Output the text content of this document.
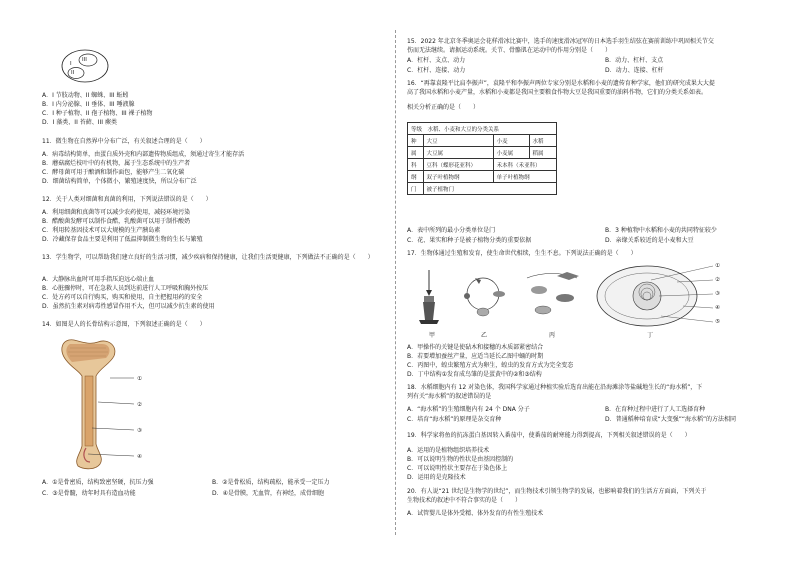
I
III
II
A．I 节肢动物、II 蜘蛛、III 蚯蚓
B．I 内分泌腺、II 垂体、III 唾液腺
C．I 种子植物、II 孢子植物、III 裸子植物
D．I 藻类、II 苔藓、III 蕨类
11．微生物在自然界中分布广泛，有关叙述合理的是（　　）
A．病毒结构简单，由蛋白质外壳和内部遗传物质组成，须通过寄生才能存活
B．蘑菇腐烂枝叶中的有机物，属于生态系统中的生产者
C．酵母菌可用于酿酒和制作面包，能够产生二氧化碳
D．细菌结构简单，个体微小，繁殖速度快，所以分布广泛
12．关于人类对细菌和真菌的利用，下列说法错误的是（　　）
A．利用细菌和真菌等可以减少农药使用，减轻环境污染
B．醋酸菌发酵可以制作食醋，乳酸菌可以用于制作酸奶
C．利用转基因技术可以大规模的生产胰岛素
D．冷藏保存食品主要是利用了低温抑制微生物的生长与繁殖
13．学生物学，可以帮助我们建立良好的生活习惯，减少疾病和保持健康，让我们生活更健康，下列做法不正确的是（　　）
A．大静脉出血时可用手指压迫远心端止血
B．心脏骤停时，可在急救人员到达前进行人工呼吸和胸外按压
C．处方药可以自行购买，购买和使用，自主把握用药的安全
D．虽然抗生素对病毒性感冒作用不大，但可以减少抗生素的使用
14．如图是人的长骨结构示意图，下列叙述正确的是（　　）
①
②
③
④
A．①是骨密质，结构致密坚硬，抗压力强	B．②是骨松质，结构疏松，能承受一定压力
C．③是骨髓，幼年时具有造血功能	D．④是骨膜，无血管，有神经，成骨细胞
15．2022 年北京冬季奥运会花样滑冰比赛中，选手的速度滑冰冠军的日本选手羽生结弦在赛前训练中巩固相关节交
伤而无法继续。请据运动系统。关节、骨骼肌在运动中的作用分别是（　　）
A．杠杆、支点、动力	B．动力、杠杆、支点
C．杠杆、连接、动力	D．动力、连接、杠杆
16．“再靠袁隆平比肩李振声”，袁隆平和李振声两位专家分别是水稻和小麦的遗传育种学家，他们的研究成果大大提
高了我国水稻和小麦产量，水稻和小麦都是我国主要粮食作物大豆是我国重要的油料作物，它们的分类关系如表。
相关分析正确的是（　　）
等级　水稻、小麦和大豆的分类关系			
种	大豆	小麦	水稻
属	大豆属	小麦属	稻属
科	豆科（蝶形花亚科）	禾本科（禾亚科）	
纲	双子叶植物纲	单子叶植物纲	
门	被子植物门		
A．表中所列的最小分类单位是门	B．3 种植物中水稻和小麦的共同特征较少
C．花、果实和种子是被子植物分类的重要依据	D．亲缘关系较近的是小麦和大豆
17．生物体通过生殖和发育，使生命世代相续，生生不息。下列说法正确的是（　　）
①
②
③
④
⑤
甲	乙	丙	丁
A．甲操作的关键是使砧木和接穗的木质部紧密结合
B．若要增加蚕丝产量，应适当延长乙图中蛹的时期
C．丙图中，蝗虫繁殖方式为卵生，蝗虫的发育方式为完全变态
D．丁中结构①发育成鸟雏的是蛋黄中的②和③结构
18．水稻细胞内有 12 对染色体，我国科学家通过种植实验后选育出能在沿海滩涂等盐碱地生长的“海水稻”，下
列有关“海水稻”的叙述错误的是
A．“海水稻”的生殖细胞内有 24 个 DNA 分子	B．在育种过程中进行了人工选择育种
C．培育“海水稻”的原理是杂交育种	D．普通稻种培育成“大变强”“海水稻”的方法相同
19．科学家将鱼的抗冻蛋白基因转入番茄中，使番茄的耐寒能力得到提高，下列相关叙述错误的是（　　）
A．运用的是植物组织培养技术
B．可以说明生物的性状是由基因控制的
C．可以说明性状主要存在于染色体上
D．运用的是克隆技术
20．有人说“21 世纪是生物学的世纪”，而生物技术引领生物学的发展，也影响着我们的生活方方面面，下列关于
生物技术的叙述中不符合事实的是（　　）
A．试管婴儿是体外受精、体外发育的有性生殖技术
